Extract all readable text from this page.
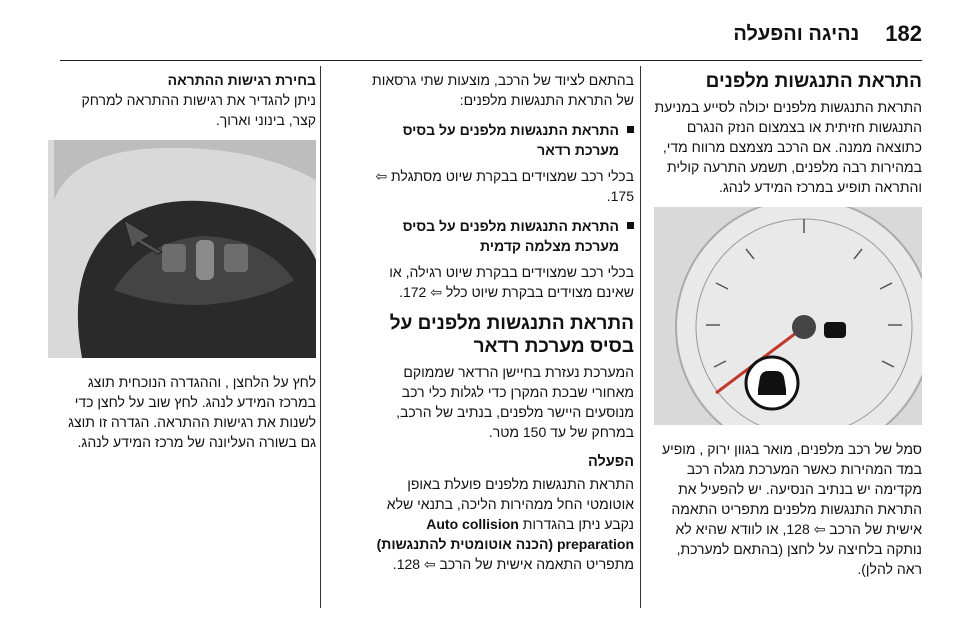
182
נהיגה והפעלה
התראת התנגשות מלפנים

התראת התנגשות מלפנים יכולה לסייע במניעת התנגשות חזיתית או בצמצום הנזק הנגרם כתוצאה ממנה. אם הרכב מצמצם מרווח מדי, במהירות רבה מלפנים, תשמע התרעה קולית והתראה תופיע במרכז המידע לנהג.

סמל של רכב מלפנים, מואר בגוון ירוק , מופיע במד המהירות כאשר המערכת מגלה רכב מקדימה יש בנתיב הנסיעה. יש להפעיל את התראת התנגשות מלפנים מתפריט התאמה אישית של הרכב ⇦ 128, או לוודא שהיא לא נותקה בלחיצה על לחצן (בהתאם למערכת, ראה להלן).

בהתאם לציוד של הרכב, מוצעות שתי גרסאות של התראת התנגשות מלפנים:

התראת התנגשות מלפנים על בסיס מערכת רדאר

בכלי רכב שמצוידים בבקרת שיוט מסתגלת ⇦ 175.

התראת התנגשות מלפנים על בסיס מערכת מצלמה קדמית

בכלי רכב שמצוידים בבקרת שיוט רגילה, או שאינם מצוידים בבקרת שיוט כלל ⇦ 172.

התראת התנגשות מלפנים על בסיס מערכת רדאר

המערכת נעזרת בחיישן הרדאר שממוקם מאחורי שבכת המקרן כדי לגלות כלי רכב מנוסעים היישר מלפנים, בנתיב של הרכב, במרחק של עד 150 מטר.

הפעלה

התראת התנגשות מלפנים פועלת באופן אוטומטי החל ממהירות הליכה, בתנאי שלא נקבע ניתן בהגדרות Auto collision preparation (הכנה אוטומטית להתנגשות) מתפריט התאמה אישית של הרכב ⇦ 128.

בחירת רגישות ההתראה

ניתן להגדיר את רגישות ההתראה למרחק קצר, בינוני וארוך.

לחץ על הלחצן , וההגדרה הנוכחית תוצג במרכז המידע לנהג. לחץ שוב על לחצן כדי לשנות את רגישות ההתראה. הגדרה זו תוצג גם בשורה העליונה של מרכז המידע לנהג.
